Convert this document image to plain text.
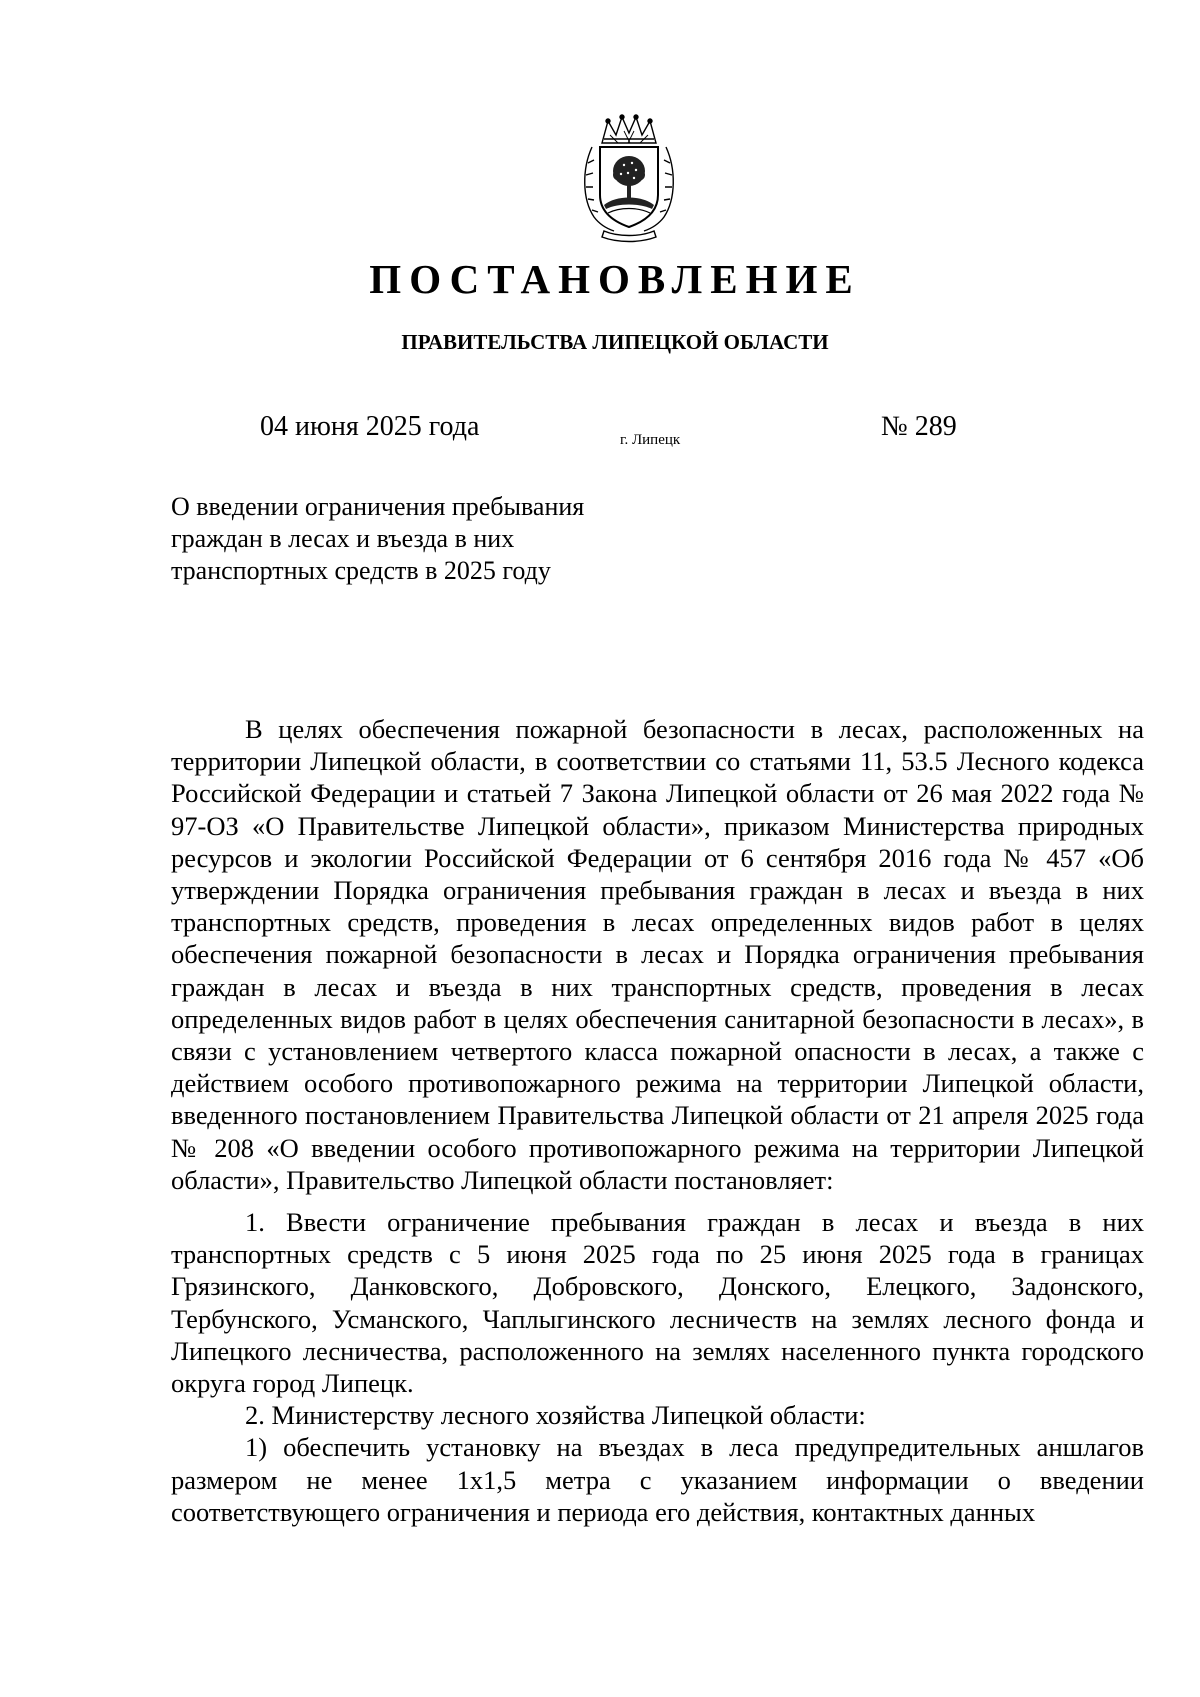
ПОСТАНОВЛЕНИЕ
ПРАВИТЕЛЬСТВА ЛИПЕЦКОЙ ОБЛАСТИ
04 июня 2025 года	г. Липецк	№ 289
О введении ограничения пребывания
граждан в лесах и въезда в них
транспортных средств в 2025 году

В целях обеспечения пожарной безопасности в лесах, расположенных на территории Липецкой области, в соответствии со статьями 11, 53.5 Лесного кодекса Российской Федерации и статьей 7 Закона Липецкой области от 26 мая 2022 года № 97-ОЗ «О Правительстве Липецкой области», приказом Министерства природных ресурсов и экологии Российской Федерации от 6 сентября 2016 года № 457 «Об утверждении Порядка ограничения пребывания граждан в лесах и въезда в них транспортных средств, проведения в лесах определенных видов работ в целях обеспечения пожарной безопасности в лесах и Порядка ограничения пребывания граждан в лесах и въезда в них транспортных средств, проведения в лесах определенных видов работ в целях обеспечения санитарной безопасности в лесах», в связи с установлением четвертого класса пожарной опасности в лесах, а также с действием особого противопожарного режима на территории Липецкой области, введенного постановлением Правительства Липецкой области от 21 апреля 2025 года № 208 «О введении особого противопожарного режима на территории Липецкой области», Правительство Липецкой области постановляет:

1. Ввести ограничение пребывания граждан в лесах и въезда в них транспортных средств с 5 июня 2025 года по 25 июня 2025 года в границах Грязинского, Данковского, Добровского, Донского, Елецкого, Задонского, Тербунского, Усманского, Чаплыгинского лесничеств на землях лесного фонда и Липецкого лесничества, расположенного на землях населенного пункта городского округа город Липецк.

2. Министерству лесного хозяйства Липецкой области:

1) обеспечить установку на въездах в леса предупредительных аншлагов размером не менее 1х1,5 метра с указанием информации о введении соответствующего ограничения и периода его действия, контактных данных
